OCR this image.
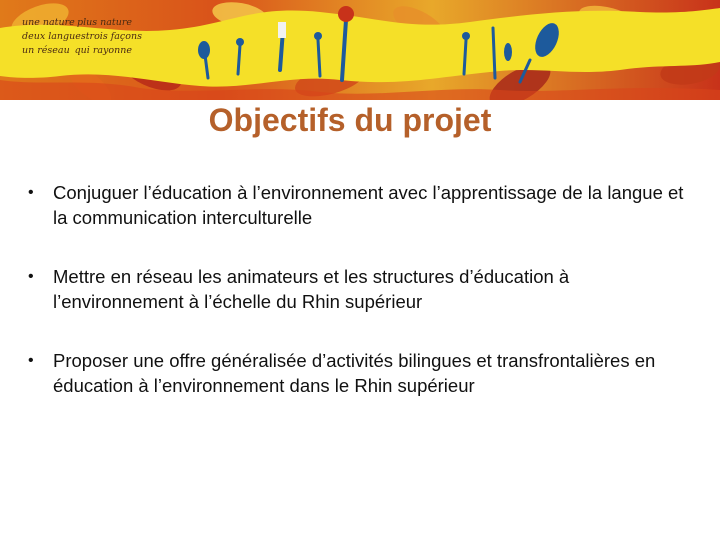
une nature plus nature
deux langues trois façons
un réseau qui rayonne
Objectifs du projet
• Conjuguer l’éducation à l’environnement avec l’apprentissage de la langue et la communication interculturelle
• Mettre en réseau les animateurs et les structures d’éducation à l’environnement à l’échelle du Rhin supérieur
• Proposer une offre généralisée d’activités bilingues et transfrontalières en éducation à l’environnement dans le Rhin supérieur
